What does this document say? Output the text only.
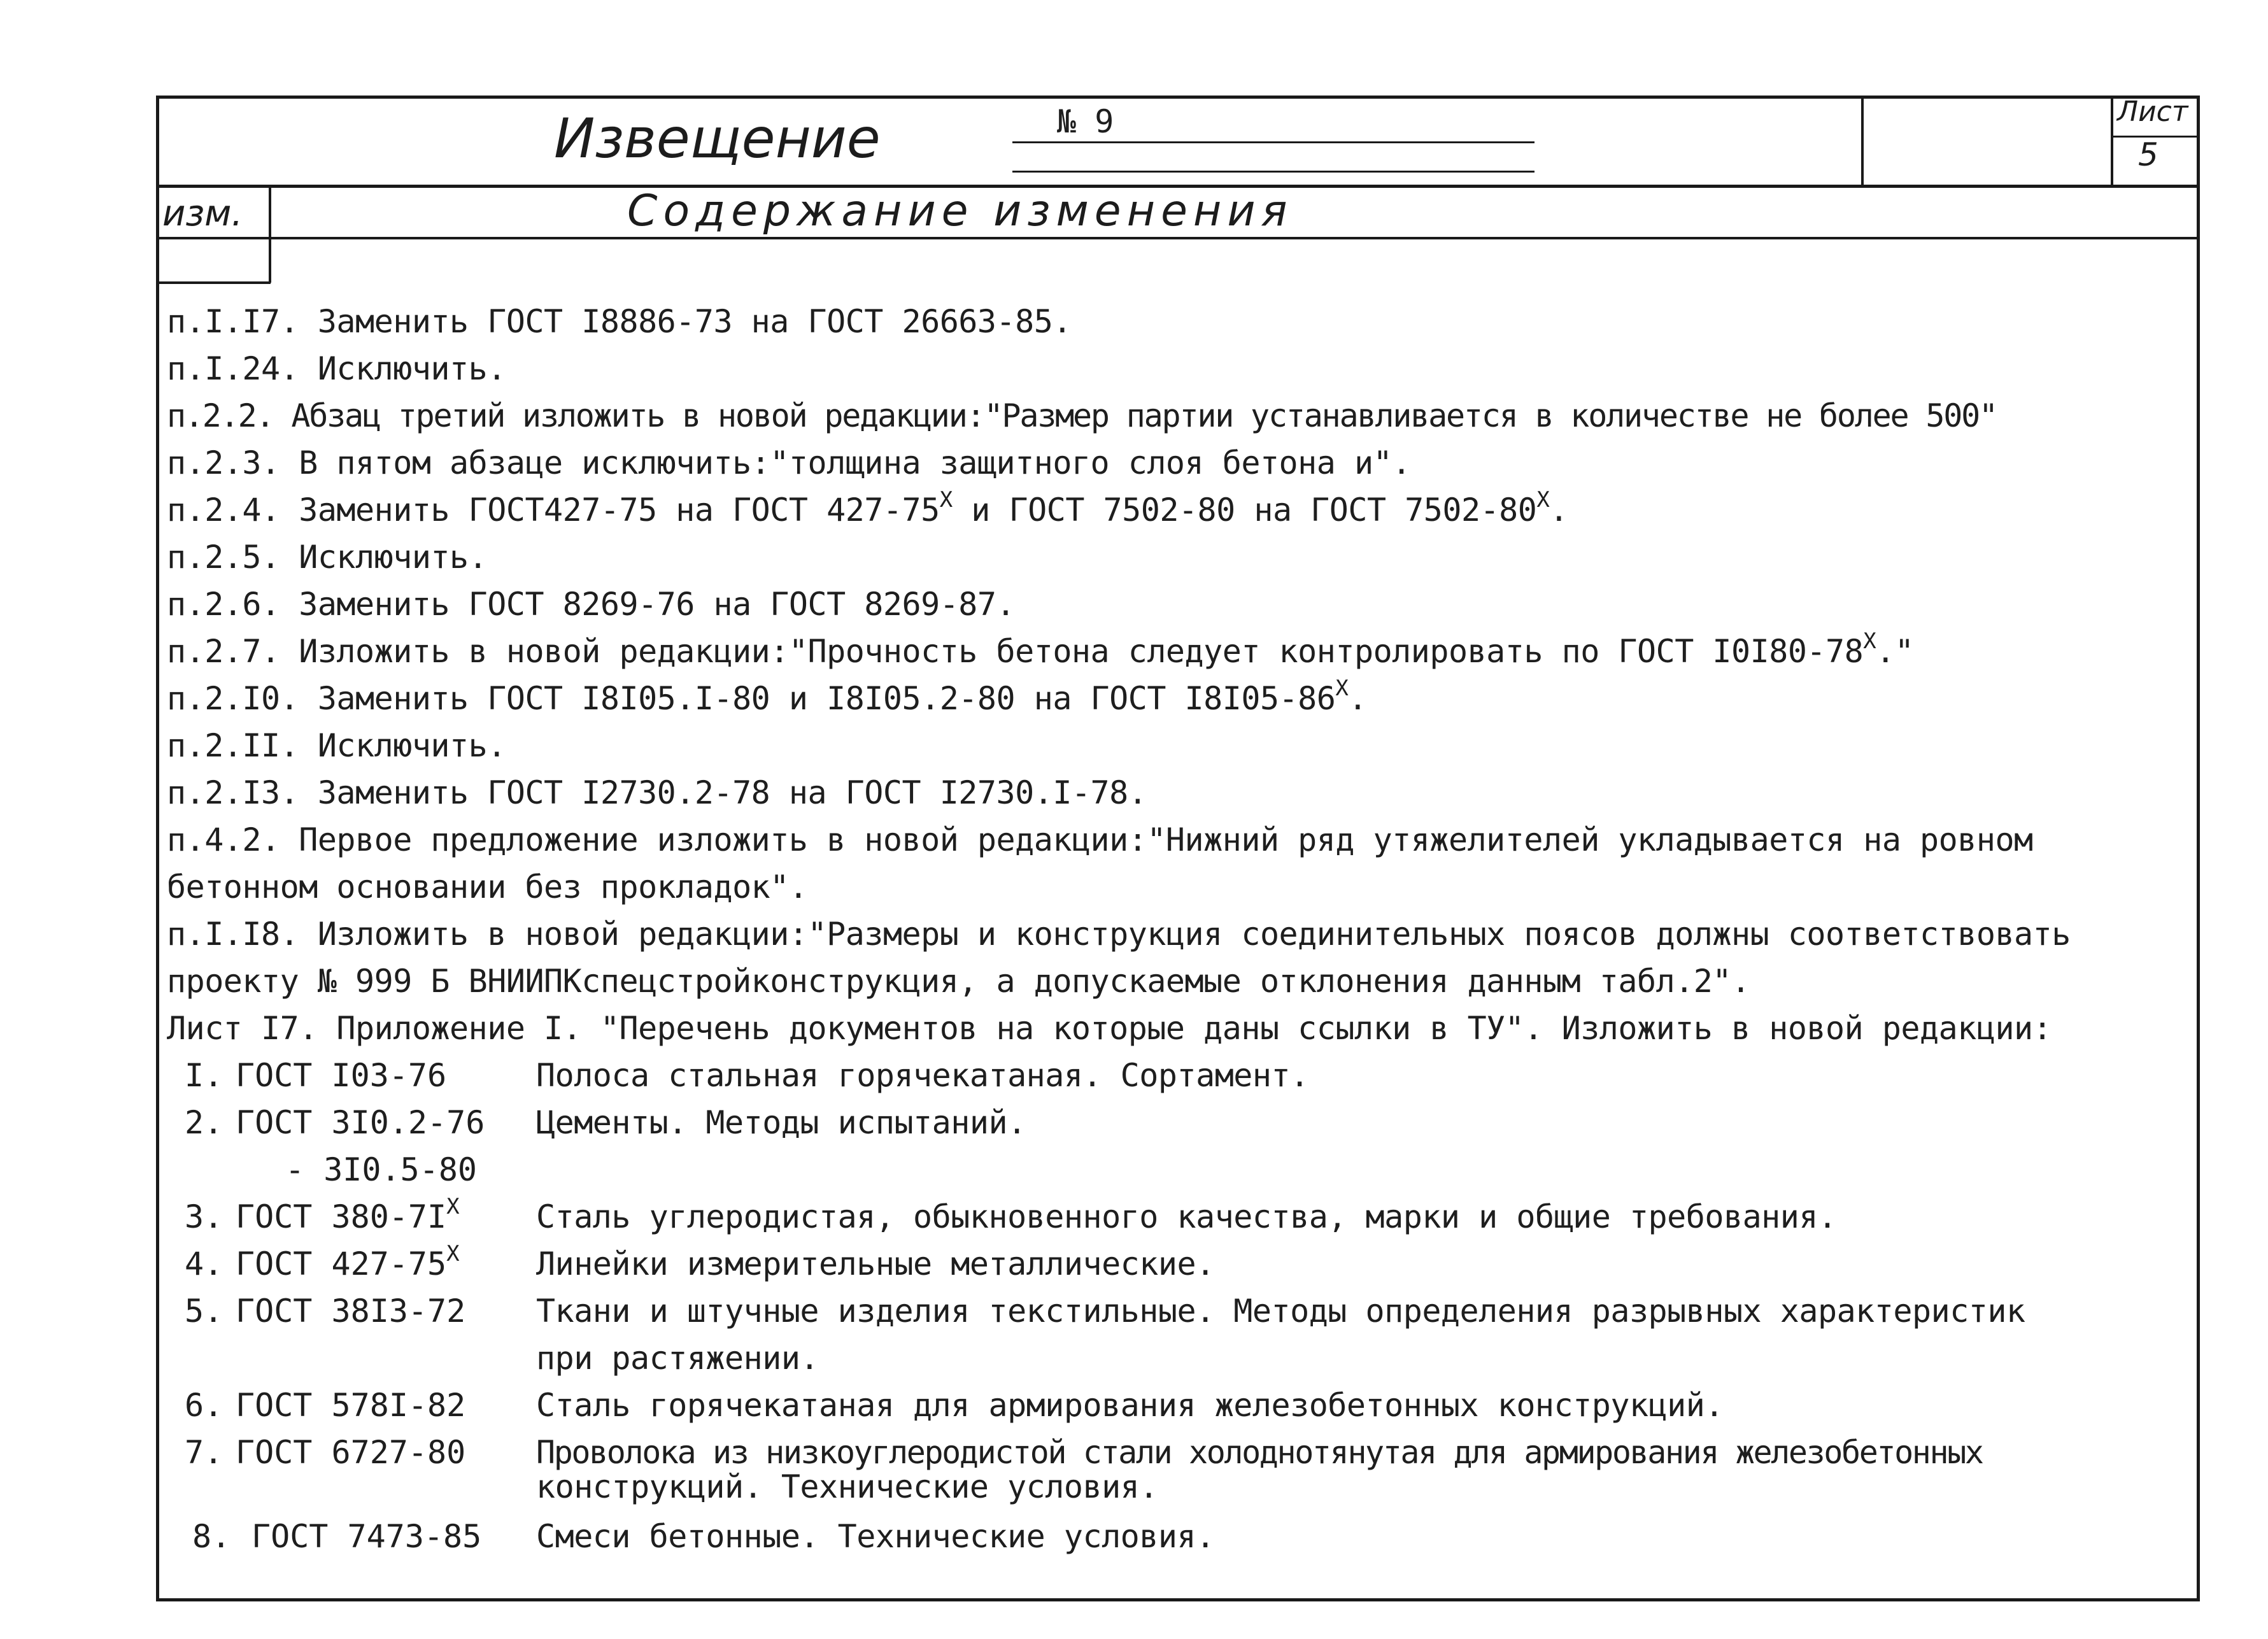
Извещение	№ 9	Лист
5
изм.	Содержание изменения
п.I.I7. Заменить ГОСТ I8886-73 на ГОСТ 26663-85.
п.I.24. Исключить.
п.2.2. Абзац третий изложить в новой редакции:"Размер партии устанавливается в количестве не более 500"
п.2.3. В пятом абзаце исключить:"толщина защитного слоя бетона и".
п.2.4. Заменить ГОСТ427-75 на ГОСТ $427-75^X$ и ГОСТ 7502-80 на ГОСТ $7502-80^X$.
п.2.5. Исключить.
п.2.6. Заменить ГОСТ 8269-76 на ГОСТ 8269-87.
п.2.7. Изложить в новой редакции:"Прочность бетона следует контролировать по ГОСТ $I0I80-78^X$."
п.2.I0. Заменить ГОСТ I8I05.I-80 и I8I05.2-80 на ГОСТ $I8I05-86^X$.
п.2.II. Исключить.
п.2.I3. Заменить ГОСТ I2730.2-78 на ГОСТ I2730.I-78.
п.4.2. Первое предложение изложить в новой редакции:"Нижний ряд утяжелителей укладывается на ровном
бетонном основании без прокладок".
п.I.I8. Изложить в новой редакции:"Размеры и конструкция соединительных поясов должны соответствовать
проекту № 999 Б ВНИИПКспецстройконструкция, а допускаемые отклонения данным табл.2".
Лист I7. Приложение I. "Перечень документов на которые даны ссылки в ТУ". Изложить в новой редакции:
I. ГОСТ I03-76	Полоса стальная горячекатаная. Сортамент.
2. ГОСТ 3I0.2-76 Цементы. Методы испытаний.
- 3I0.5-80
3. ГОСТ $380-7I^X$ Сталь углеродистая, обыкновенного качества, марки и общие требования.
4. ГОСТ $427-75^X$ Линейки измерительные металлические.
5. ГОСТ 38I3-72 Ткани и штучные изделия текстильные. Методы определения разрывных характеристик
при растяжении.
6. ГОСТ 578I-82 Сталь горячекатаная для армирования железобетонных конструкций.
7. ГОСТ 6727-80 Проволока из низкоуглеродистой стали холоднотянутая для армирования железобетонных
конструкций. Технические условия.
8. ГОСТ 7473-85 Смеси бетонные. Технические условия.
